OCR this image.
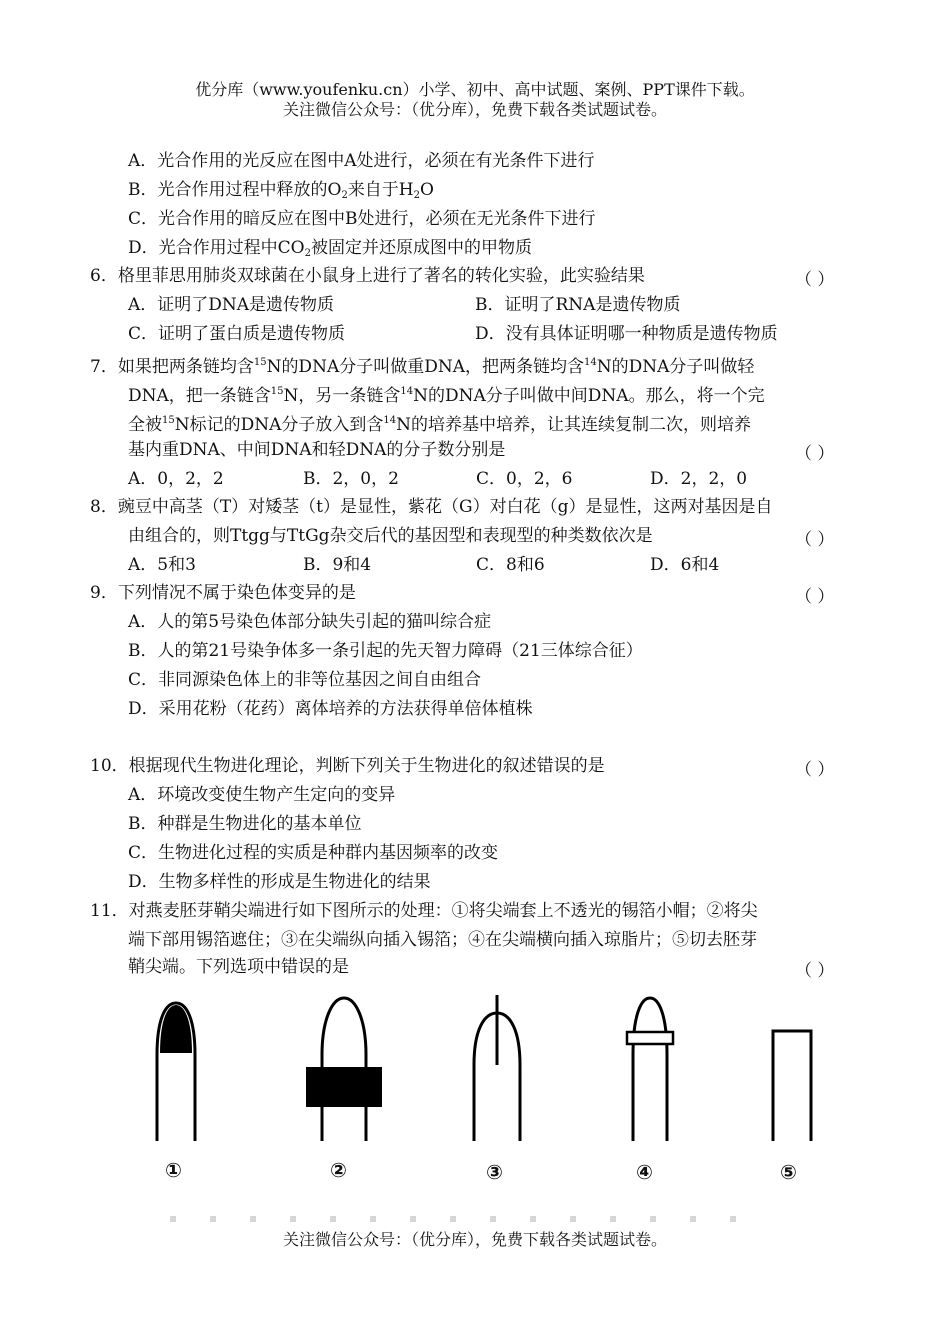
优分库（www.youfenku.cn）小学、初中、高中试题、案例、PPT课件下载。
关注微信公众号：（优分库），免费下载各类试题试卷。
A．光合作用的光反应在图中A处进行，必须在有光条件下进行
B．光合作用过程中释放的$O_2$来自于$H_2O$
C．光合作用的暗反应在图中B处进行，必须在无光条件下进行
D．光合作用过程中$CO_2$被固定并还原成图中的甲物质
6．格里菲思用肺炎双球菌在小鼠身上进行了著名的转化实验，此实验结果	（ ）
A．证明了DNA是遗传物质	B．证明了RNA是遗传物质
C．证明了蛋白质是遗传物质	D．没有具体证明哪一种物质是遗传物质
7．如果把两条链均含$^{15}$N的DNA分子叫做重DNA，把两条链均含$^{14}$N的DNA分子叫做轻
DNA，把一条链含$^{15}$N，另一条链含$^{14}$N的DNA分子叫做中间DNA。那么，将一个完
全被$^{15}$N标记的DNA分子放入到含$^{14}$N的培养基中培养，让其连续复制二次，则培养
基内重DNA、中间DNA和轻DNA的分子数分别是	（ ）
A．0，2，2	B．2，0，2	C．0，2，6	D．2，2，0
8．豌豆中高茎（T）对矮茎（t）是显性，紫花（G）对白花（g）是显性，这两对基因是自
由组合的，则Ttgg与TtGg杂交后代的基因型和表现型的种类数依次是	（ ）
A．5和3	B．9和4	C．8和6	D．6和4
9．下列情况不属于染色体变异的是	（ ）
A．人的第5号染色体部分缺失引起的猫叫综合症
B．人的第21号染争体多一条引起的先天智力障碍（21三体综合征）
C．非同源染色体上的非等位基因之间自由组合
D．采用花粉（花药）离体培养的方法获得单倍体植株
10．根据现代生物进化理论，判断下列关于生物进化的叙述错误的是	（ ）
A．环境改变使生物产生定向的变异
B．种群是生物进化的基本单位
C．生物进化过程的实质是种群内基因频率的改变
D．生物多样性的形成是生物进化的结果
11．对燕麦胚芽鞘尖端进行如下图所示的处理：①将尖端套上不透光的锡箔小帽；②将尖
端下部用锡箔遮住；③在尖端纵向插入锡箔；④在尖端横向插入琼脂片；⑤切去胚芽
鞘尖端。下列选项中错误的是	（ ）
①	②	③	④	⑤
关注微信公众号：（优分库），免费下载各类试题试卷。
